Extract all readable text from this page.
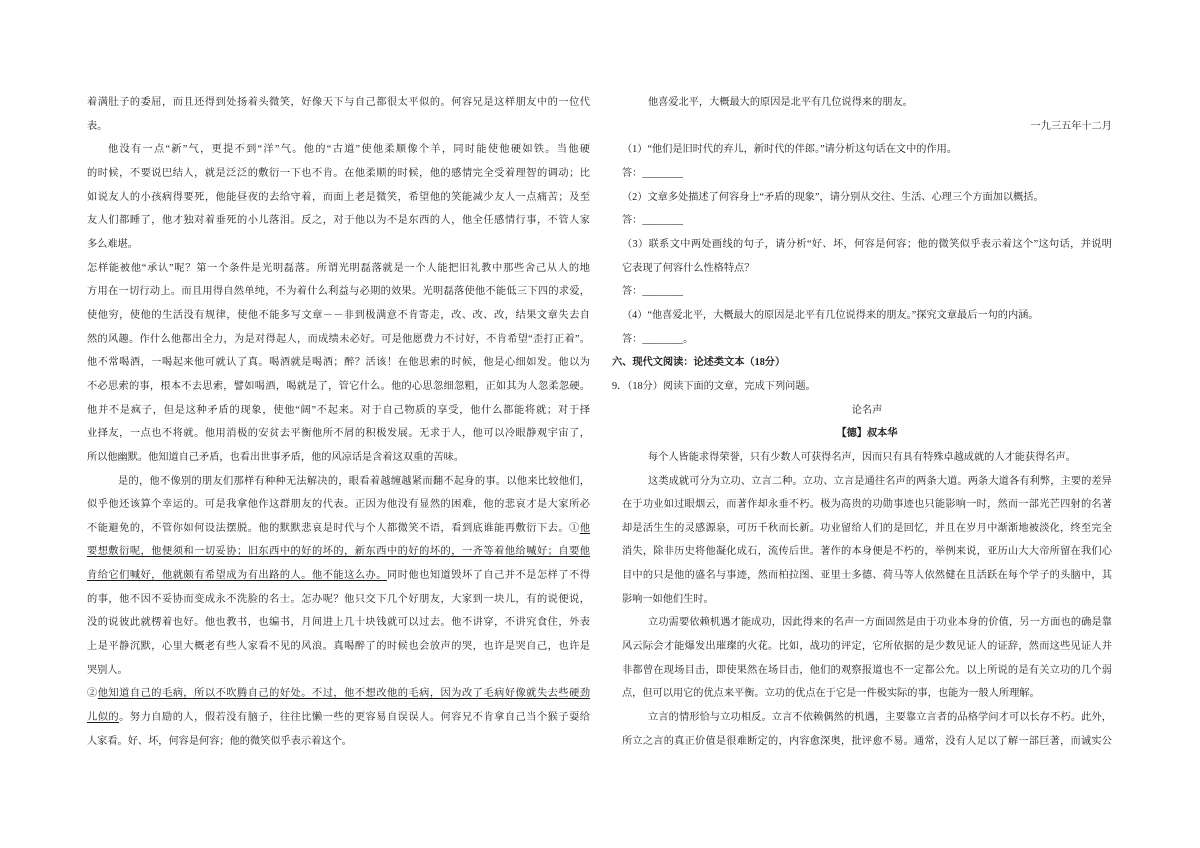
着满肚子的委屈，而且还得到处扬着头微笑，好像天下与自己都很太平似的。何容兄是这样朋友中的一位代
表。
他没有一点“新”气，更提不到“洋”气。他的“古道”使他柔顺像个羊，同时能使他硬如铁。当他硬
的时候，不要说巴结人，就是泛泛的敷衍一下也不肯。在他柔顺的时候，他的感情完全受着理智的调动；比
如说友人的小孩病得要死，他能昼夜的去给守着，而面上老是微笑，希望他的笑能减少友人一点痛苦；及至
友人们都睡了，他才独对着垂死的小儿落泪。反之，对于他以为不是东西的人，他全任感情行事，不管人家
多么难堪。
怎样能被他“承认”呢？第一个条件是光明磊落。所谓光明磊落就是一个人能把旧礼教中那些舍己从人的地
方用在一切行动上。而且用得自然单纯，不为着什么利益与必期的效果。光明磊落使他不能低三下四的求爱，
使他穷，使他的生活没有规律，使他不能多写文章－－非到极满意不肯寄走，改、改、改，结果文章失去自
然的风趣。作什么他都出全力，为是对得起人，而成绩未必好。可是他愿费力不讨好，不肯希望“歪打正着”。
他不常喝酒，一喝起来他可就认了真。喝酒就是喝酒；醉？活该！在他思索的时候，他是心细如发。他以为
不必思索的事，根本不去思索，譬如喝酒，喝就是了，管它什么。他的心思忽细忽粗，正如其为人忽柔忽硬。
他并不是疯子，但是这种矛盾的现象，使他“阔”不起来。对于自己物质的享受，他什么都能将就；对于择
业择友，一点也不将就。他用消极的安贫去平衡他所不屑的积极发展。无求于人，他可以冷眼静观宇宙了，
所以他幽默。他知道自己矛盾，也看出世事矛盾，他的风凉话是含着这双重的苦味。
是的，他不像别的朋友们那样有种种无法解决的，眼看着越缠越紧而翻不起身的事。以他来比较他们，
似乎他还该算个幸运的。可是我拿他作这群朋友的代表。正因为他没有显然的困难，他的悲哀才是大家所必
不能避免的，不管你如何设法摆脱。他的默默悲哀是时代与个人都微笑不语，看到底谁能再敷衍下去。①他
要想敷衍呢，他便须和一切妥协；旧东西中的好的坏的，新东西中的好的坏的，一齐等着他给喊好；自要他
肯给它们喊好，他就颇有希望成为有出路的人。他不能这么办。同时他也知道毁坏了自己并不是怎样了不得
的事，他不因不妥协而变成永不洗脸的名士。怎办呢？他只交下几个好朋友，大家到一块儿，有的说便说，
没的说彼此就楞着也好。他也教书，也编书，月间进上几十块钱就可以过去。他不讲穿，不讲究食住，外表
上是平静沉默，心里大概老有些人家看不见的风浪。真喝醉了的时候也会放声的哭，也许是哭自己，也许是
哭别人。
②他知道自己的毛病，所以不吹腾自己的好处。不过，他不想改他的毛病，因为改了毛病好像就失去些硬劲
儿似的。努力自励的人，假若没有脑子，往往比懒一些的更容易自误误人。何容兄不肯拿自己当个猴子耍给
人家看。好、坏，何容是何容；他的微笑似乎表示着这个。
他喜爱北平，大概最大的原因是北平有几位说得来的朋友。
一九三五年十二月
（1）“他们是旧时代的弃儿，新时代的伴郎。”请分析这句话在文中的作用。
答：________
（2）文章多处描述了何容身上“矛盾的现象”，请分别从交往、生活、心理三个方面加以概括。
答：________
（3）联系文中两处画线的句子，请分析“好、坏，何容是何容；他的微笑似乎表示着这个”这句话，并说明
它表现了何容什么性格特点？
答：________
（4）“他喜爱北平，大概最大的原因是北平有几位说得来的朋友。”探究文章最后一句的内涵。
答：________。
六、现代文阅读：论述类文本（18分）
9．（18分）阅读下面的文章，完成下列问题。
论名声
【德】叔本华
每个人皆能求得荣誉，只有少数人可获得名声，因而只有具有特殊卓越成就的人才能获得名声。
这类成就可分为立功、立言二种。立功、立言是通往名声的两条大道。两条大道各有利弊，主要的差异
在于功业如过眼烟云，而著作却永垂不朽。极为高贵的功勋事迹也只能影响一时，然而一部光芒四射的名著
却是活生生的灵感源泉，可历千秋而长新。功业留给人们的是回忆，并且在岁月中渐渐地被淡化，终至完全
消失，除非历史将他凝化成石，流传后世。著作的本身便是不朽的，举例来说，亚历山大大帝所留在我们心
目中的只是他的盛名与事迹，然而柏拉图、亚里士多德、荷马等人依然健在且活跃在每个学子的头脑中，其
影响一如他们生时。
立功需要依赖机遇才能成功，因此得来的名声一方面固然是由于功业本身的价值，另一方面也的确是靠
风云际会才能爆发出璀璨的火花。比如，战功的评定，它所依据的是少数见证人的证辞，然而这些见证人并
非都曾在现场目击，即使果然在场目击，他们的观察报道也不一定都公允。以上所说的是有关立功的几个弱
点，但可以用它的优点来平衡。立功的优点在于它是一件极实际的事，也能为一般人所理解。
立言的情形恰与立功相反。立言不依赖偶然的机遇，主要靠立言者的品格学问才可以长存不朽。此外，
所立之言的真正价值是很难断定的，内容愈深奥，批评愈不易。通常，没有人足以了解一部巨著，而诚实公
